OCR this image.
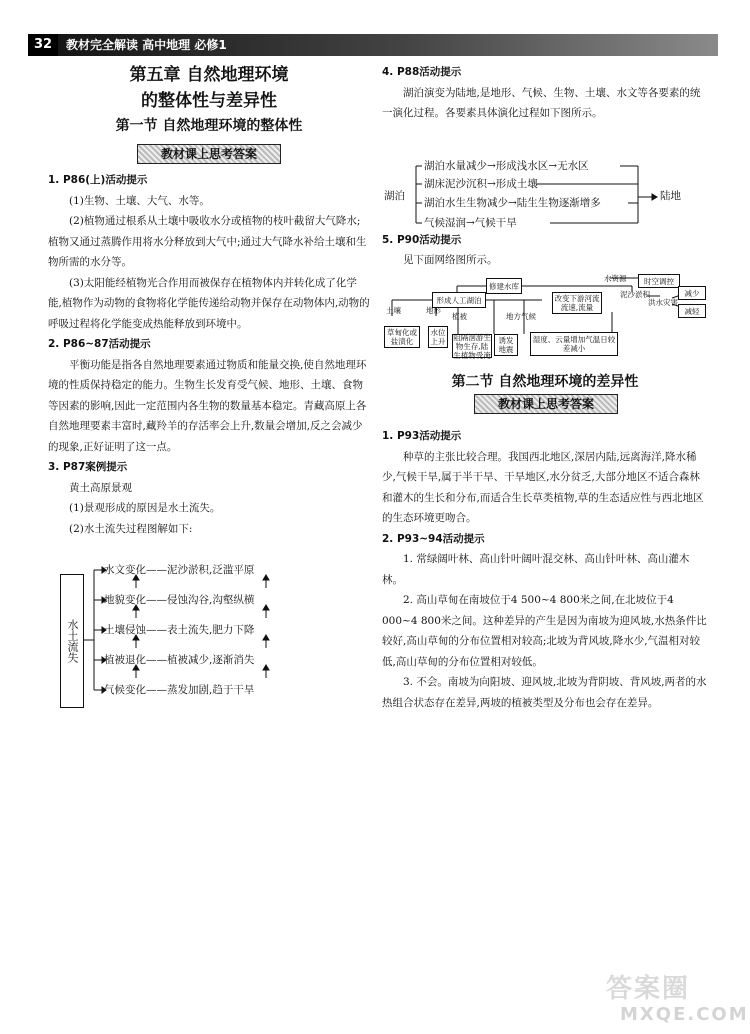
32	教材完全解读 高中地理 必修1

第五章 自然地理环境

的整体性与差异性

第一节 自然地理环境的整体性

教材课上思考答案

1. P86(上)活动提示

(1)生物、土壤、大气、水等。

(2)植物通过根系从土壤中吸收水分或植物的枝叶截留大气降水;植物又通过蒸腾作用将水分释放到大气中;通过大气降水补给土壤和生物所需的水分等。

(3)太阳能经植物光合作用而被保存在植物体内并转化成了化学能,植物作为动物的食物将化学能传递给动物并保存在动物体内,动物的呼吸过程将化学能变成热能释放到环境中。

2. P86~87活动提示

平衡功能是指各自然地理要素通过物质和能量交换,使自然地理环境的性质保持稳定的能力。生物生长发育受气候、地形、土壤、食物等因素的影响,因此一定范围内各生物的数量基本稳定。青藏高原上各自然地理要素丰富时,藏羚羊的存活率会上升,数量会增加,反之会减少的现象,正好证明了这一点。

3. P87案例提示

黄土高原景观

(1)景观形成的原因是水土流失。

(2)水土流失过程图解如下:

水土流失
水文变化——泥沙淤积,泛滥平原
地貌变化——侵蚀沟谷,沟壑纵横
土壤侵蚀——表土流失,肥力下降
植被退化——植被减少,逐渐消失
气候变化——蒸发加剧,趋于干旱

4. P88活动提示

湖泊演变为陆地,是地形、气候、生物、土壤、水文等各要素的统一演化过程。各要素具体演化过程如下图所示。

湖泊	陆地
湖泊水量减少→形成浅水区→无水区
湖床泥沙沉积→形成土壤
湖泊水生生物减少→陆生生物逐渐增多
气候湿润→气候干旱

5. P90活动提示

见下面网络图所示。

修建水库
形成人工湖泊
土壤
草甸化或盐渍化
地形
水位上升
植被
阻隔洄游生物生存,陆生植物受淹
诱发地震
地方气候
改变下游河流流速,流量
湿度、云量增加气温日较差减小
泥沙淤积
水资源	时空调控
洪水灾害
减少
减轻

第二节 自然地理环境的差异性

教材课上思考答案

1. P93活动提示

种草的主张比较合理。我国西北地区,深居内陆,远离海洋,降水稀少,气候干旱,属于半干旱、干旱地区,水分贫乏,大部分地区不适合森林和灌木的生长和分布,而适合生长草类植物,草的生态适应性与西北地区的生态环境更吻合。

2. P93~94活动提示

1. 常绿阔叶林、高山针叶阔叶混交林、高山针叶林、高山灌木林。

2. 高山草甸在南坡位于4 500~4 800米之间,在北坡位于4 000~4 800米之间。这种差异的产生是因为南坡为迎风坡,水热条件比较好,高山草甸的分布位置相对较高;北坡为背风坡,降水少,气温相对较低,高山草甸的分布位置相对较低。

3. 不会。南坡为向阳坡、迎风坡,北坡为背阴坡、背风坡,两者的水热组合状态存在差异,两坡的植被类型及分布也会存在差异。

答案圈
MXQE.COM
